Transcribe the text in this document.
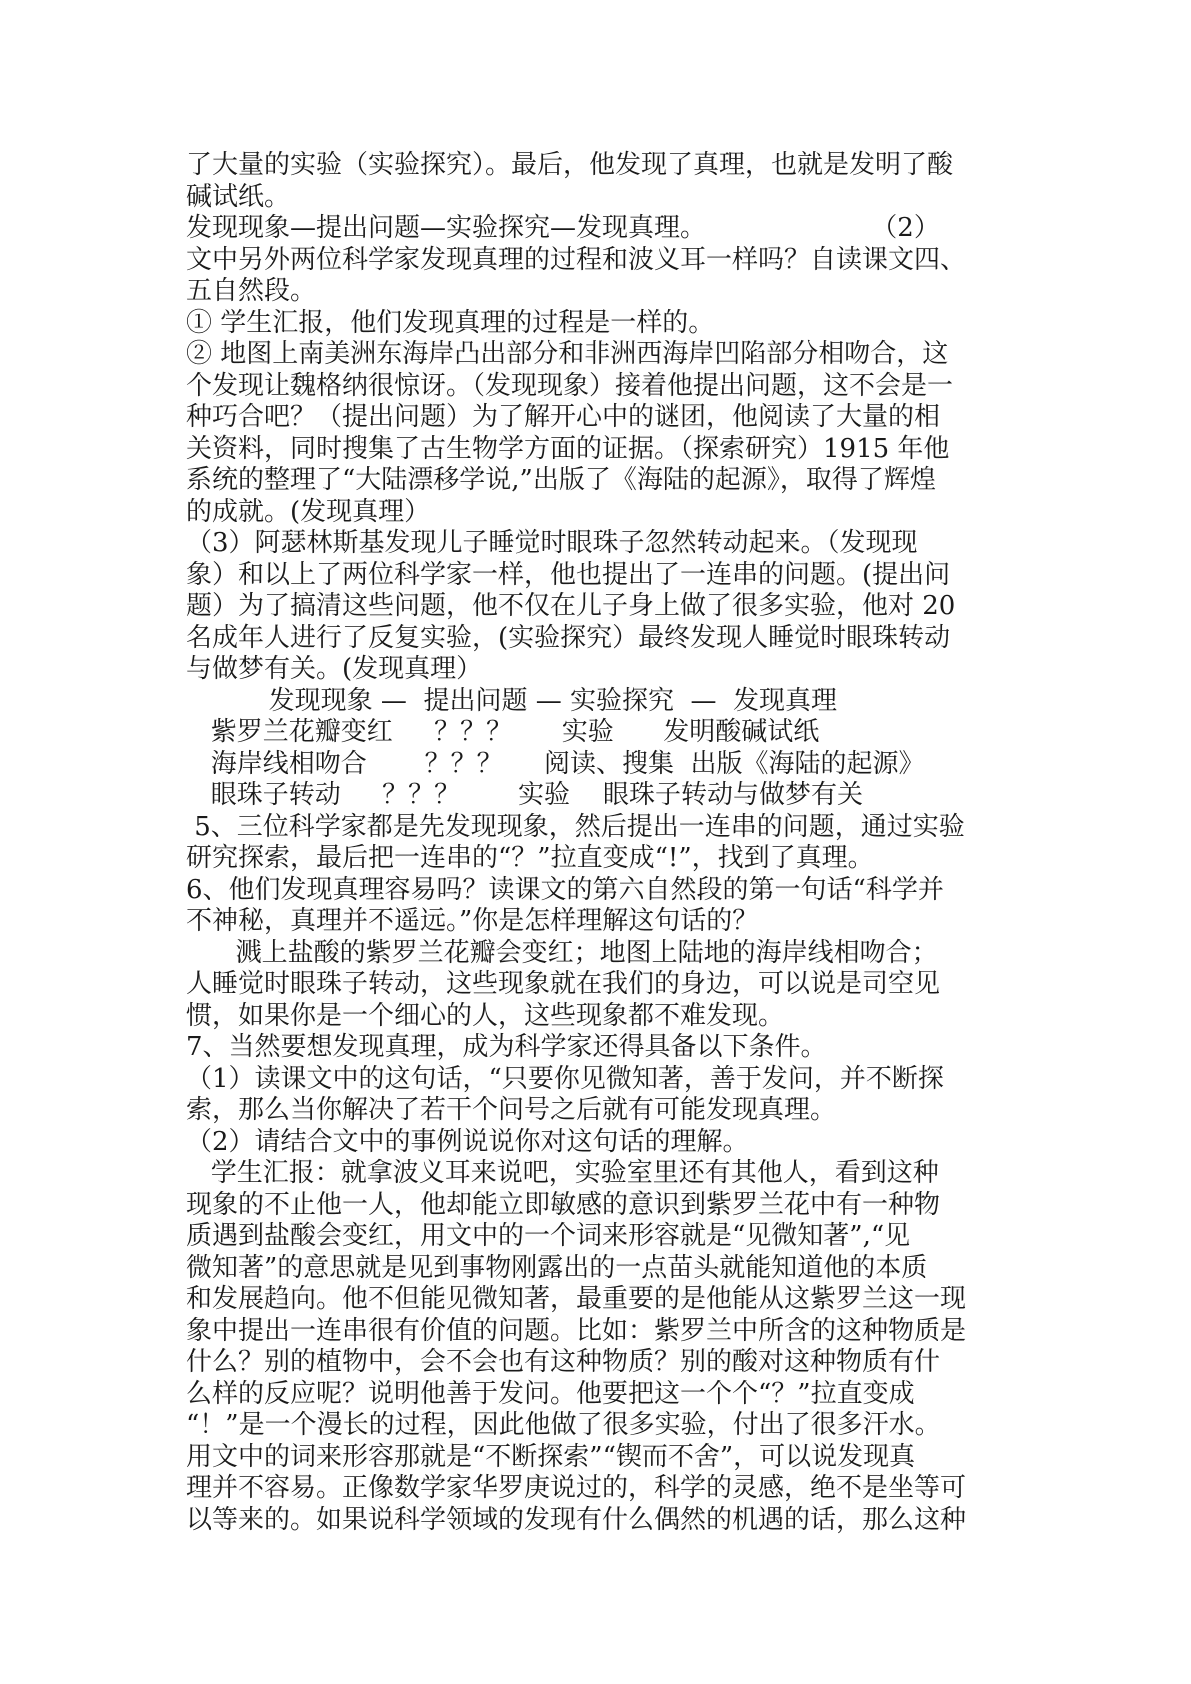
了大量的实验（实验探究）。最后，他发现了真理，也就是发明了酸
碱试纸。
发现现象—提出问题—实验探究—发现真理。                    （2）
文中另外两位科学家发现真理的过程和波义耳一样吗？自读课文四、
五自然段。
① 学生汇报，他们发现真理的过程是一样的。
② 地图上南美洲东海岸凸出部分和非洲西海岸凹陷部分相吻合，这
个发现让魏格纳很惊讶。（发现现象）接着他提出问题，这不会是一
种巧合吧？（提出问题）为了解开心中的谜团，他阅读了大量的相
关资料，同时搜集了古生物学方面的证据。（探索研究）1915 年他
系统的整理了“大陆漂移学说,”出版了《海陆的起源》，取得了辉煌
的成就。(发现真理）
（3）阿瑟林斯基发现儿子睡觉时眼珠子忽然转动起来。（发现现
象）和以上了两位科学家一样，他也提出了一连串的问题。(提出问
题）为了搞清这些问题，他不仅在儿子身上做了很多实验，他对 20
名成年人进行了反复实验，(实验探究）最终发现人睡觉时眼珠转动
与做梦有关。(发现真理）
发现现象 —  提出问题 — 实验探究  —  发现真理
紫罗兰花瓣变红     ？？？      实验      发明酸碱试纸
海岸线相吻合       ？？？     阅读、搜集  出版《海陆的起源》
眼珠子转动     ？？？       实验    眼珠子转动与做梦有关
5、三位科学家都是先发现现象，然后提出一连串的问题，通过实验
研究探索，最后把一连串的“？”拉直变成“!”，找到了真理。
6、他们发现真理容易吗？读课文的第六自然段的第一句话“科学并
不神秘，真理并不遥远。”你是怎样理解这句话的？
溅上盐酸的紫罗兰花瓣会变红；地图上陆地的海岸线相吻合；
人睡觉时眼珠子转动，这些现象就在我们的身边，可以说是司空见
惯，如果你是一个细心的人，这些现象都不难发现。
7、当然要想发现真理，成为科学家还得具备以下条件。
（1）读课文中的这句话，“只要你见微知著，善于发问，并不断探
索，那么当你解决了若干个问号之后就有可能发现真理。
（2）请结合文中的事例说说你对这句话的理解。
学生汇报：就拿波义耳来说吧，实验室里还有其他人，看到这种
现象的不止他一人，他却能立即敏感的意识到紫罗兰花中有一种物
质遇到盐酸会变红，用文中的一个词来形容就是“见微知著”,“见
微知著”的意思就是见到事物刚露出的一点苗头就能知道他的本质
和发展趋向。他不但能见微知著，最重要的是他能从这紫罗兰这一现
象中提出一连串很有价值的问题。比如：紫罗兰中所含的这种物质是
什么？别的植物中，会不会也有这种物质？别的酸对这种物质有什
么样的反应呢？说明他善于发问。他要把这一个个“？”拉直变成
“！”是一个漫长的过程，因此他做了很多实验，付出了很多汗水。
用文中的词来形容那就是“不断探索”“锲而不舍”，可以说发现真
理并不容易。正像数学家华罗庚说过的，科学的灵感，绝不是坐等可
以等来的。如果说科学领域的发现有什么偶然的机遇的话，那么这种
